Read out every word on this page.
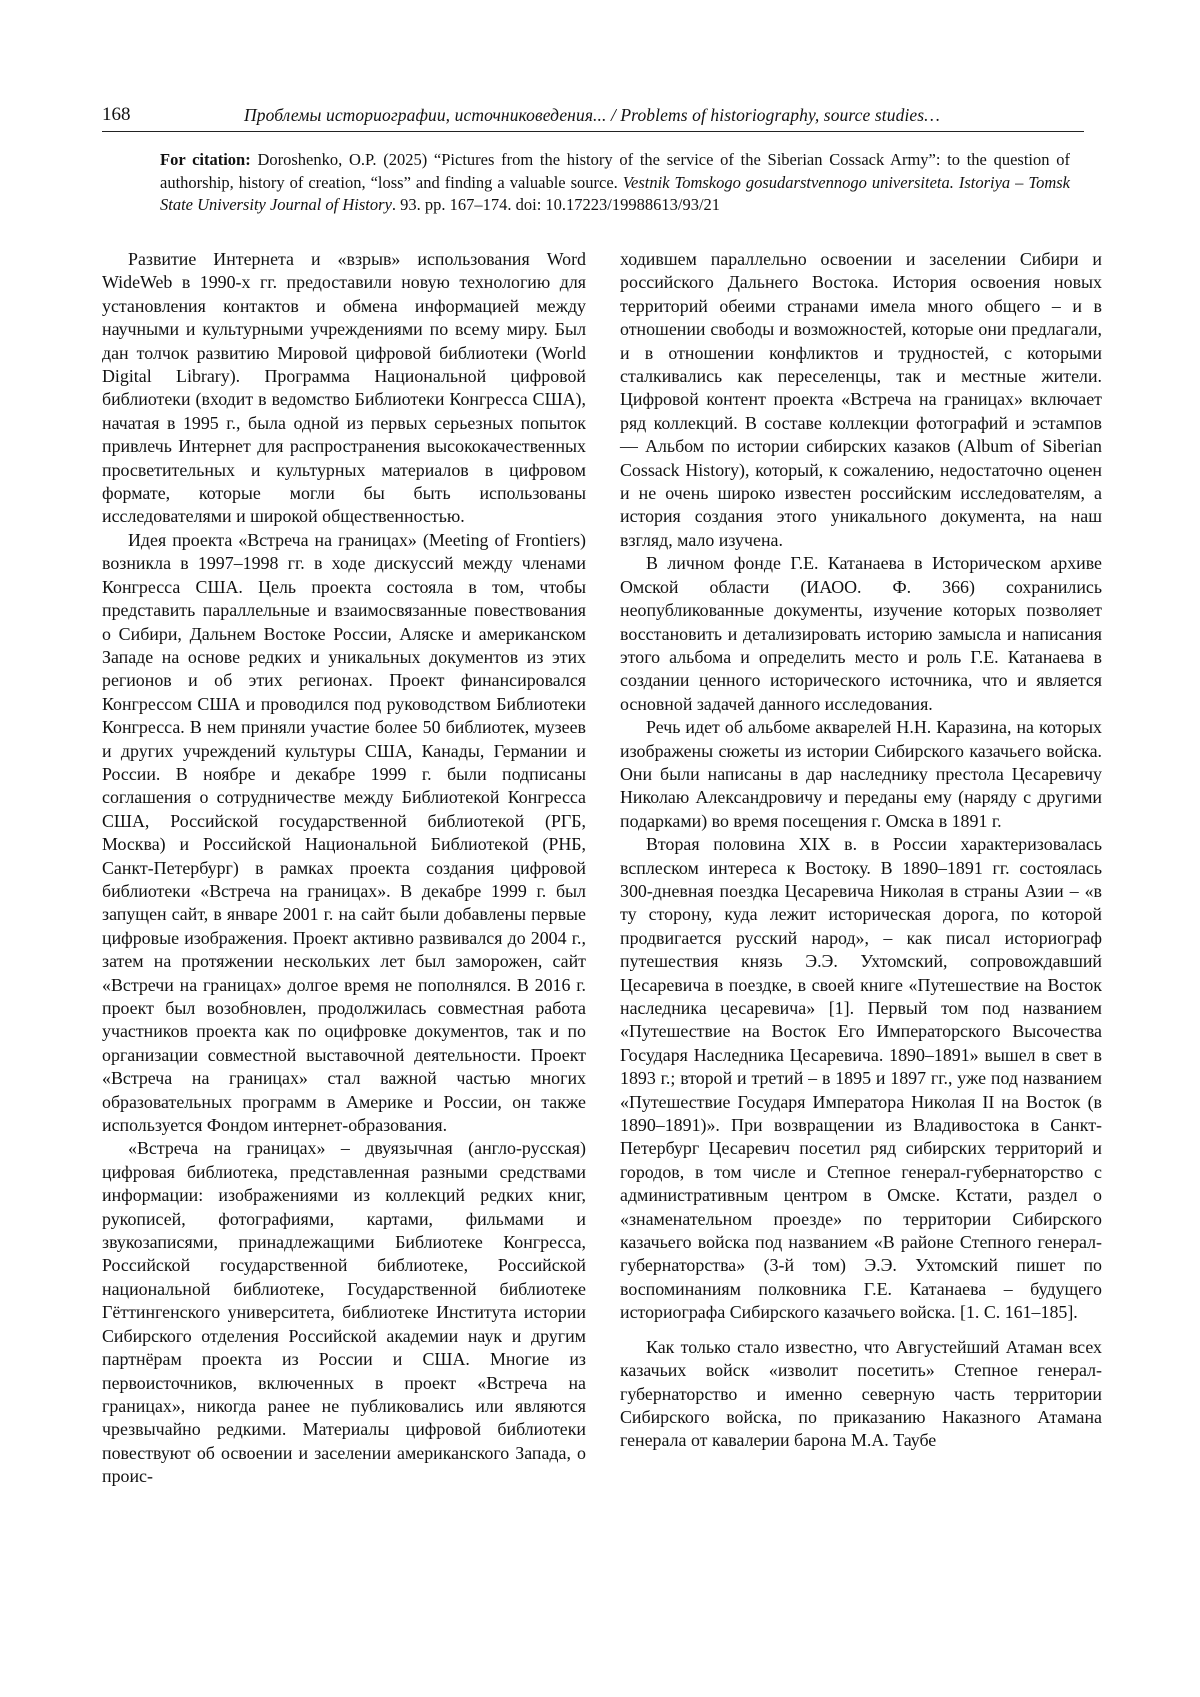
168	Проблемы историографии, источниковедения... / Problems of historiography, source studies…
For citation: Doroshenko, O.P. (2025) “Pictures from the history of the service of the Siberian Cossack Army”: to the question of authorship, history of creation, “loss” and finding a valuable source. Vestnik Tomskogo gosudarstvennogo universiteta. Istoriya – Tomsk State University Journal of History. 93. pp. 167–174. doi: 10.17223/19988613/93/21

Развитие Интернета и «взрыв» использования Word WideWeb в 1990-х гг. предоставили новую технологию для установления контактов и обмена информацией между научными и культурными учреждениями по всему миру. Был дан толчок развитию Мировой цифровой библиотеки (World Digital Library). Программа Национальной цифровой библиотеки (входит в ведомство Библиотеки Конгресса США), начатая в 1995 г., была одной из первых серьезных попыток привлечь Интернет для распространения высококачественных просветительных и культурных материалов в цифровом формате, которые могли бы быть использованы исследователями и широкой общественностью.

Идея проекта «Встреча на границах» (Meeting of Frontiers) возникла в 1997–1998 гг. в ходе дискуссий между членами Конгресса США. Цель проекта состояла в том, чтобы представить параллельные и взаимосвязанные повествования о Сибири, Дальнем Востоке России, Аляске и американском Западе на основе редких и уникальных документов из этих регионов и об этих регионах. Проект финансировался Конгрессом США и проводился под руководством Библиотеки Конгресса. В нем приняли участие более 50 библиотек, музеев и других учреждений культуры США, Канады, Германии и России. В ноябре и декабре 1999 г. были подписаны соглашения о сотрудничестве между Библиотекой Конгресса США, Российской государственной библиотекой (РГБ, Москва) и Российской Национальной Библиотекой (РНБ, Санкт-Петербург) в рамках проекта создания цифровой библиотеки «Встреча на границах». В декабре 1999 г. был запущен сайт, в январе 2001 г. на сайт были добавлены первые цифровые изображения. Проект активно развивался до 2004 г., затем на протяжении нескольких лет был заморожен, сайт «Встречи на границах» долгое время не пополнялся. В 2016 г. проект был возобновлен, продолжилась совместная работа участников проекта как по оцифровке документов, так и по организации совместной выставочной деятельности. Проект «Встреча на границах» стал важной частью многих образовательных программ в Америке и России, он также используется Фондом интернет-образования.

«Встреча на границах» – двуязычная (англо-русская) цифровая библиотека, представленная разными средствами информации: изображениями из коллекций редких книг, рукописей, фотографиями, картами, фильмами и звукозаписями, принадлежащими Библиотеке Конгресса, Российской государственной библиотеке, Российской национальной библиотеке, Государственной библиотеке Гёттингенского университета, библиотеке Института истории Сибирского отделения Российской академии наук и другим партнёрам проекта из России и США. Многие из первоисточников, включенных в проект «Встреча на границах», никогда ранее не публиковались или являются чрезвычайно редкими. Материалы цифровой библиотеки повествуют об освоении и заселении американского Запада, о проис-

ходившем параллельно освоении и заселении Сибири и российского Дальнего Востока. История освоения новых территорий обеими странами имела много общего – и в отношении свободы и возможностей, которые они предлагали, и в отношении конфликтов и трудностей, с которыми сталкивались как переселенцы, так и местные жители. Цифровой контент проекта «Встреча на границах» включает ряд коллекций. В составе коллекции фотографий и эстампов — Альбом по истории сибирских казаков (Album of Siberian Cossack History), который, к сожалению, недостаточно оценен и не очень широко известен российским исследователям, а история создания этого уникального документа, на наш взгляд, мало изучена.

В личном фонде Г.Е. Катанаева в Историческом архиве Омской области (ИАОО. Ф. 366) сохранились неопубликованные документы, изучение которых позволяет восстановить и детализировать историю замысла и написания этого альбома и определить место и роль Г.Е. Катанаева в создании ценного исторического источника, что и является основной задачей данного исследования.

Речь идет об альбоме акварелей Н.Н. Каразина, на которых изображены сюжеты из истории Сибирского казачьего войска. Они были написаны в дар наследнику престола Цесаревичу Николаю Александровичу и переданы ему (наряду с другими подарками) во время посещения г. Омска в 1891 г.

Вторая половина XIX в. в России характеризовалась всплеском интереса к Востоку. В 1890–1891 гг. состоялась 300-дневная поездка Цесаревича Николая в страны Азии – «в ту сторону, куда лежит историческая дорога, по которой продвигается русский народ», – как писал историограф путешествия князь Э.Э. Ухтомский, сопровождавший Цесаревича в поездке, в своей книге «Путешествие на Восток наследника цесаревича» [1]. Первый том под названием «Путешествие на Восток Его Императорского Высочества Государя Наследника Цесаревича. 1890–1891» вышел в свет в 1893 г.; второй и третий – в 1895 и 1897 гг., уже под названием «Путешествие Государя Императора Николая II на Восток (в 1890–1891)». При возвращении из Владивостока в Санкт-Петербург Цесаревич посетил ряд сибирских территорий и городов, в том числе и Степное генерал-губернаторство с административным центром в Омске. Кстати, раздел о «знаменательном проезде» по территории Сибирского казачьего войска под названием «В районе Степного генерал-губернаторства» (3-й том) Э.Э. Ухтомский пишет по воспоминаниям полковника Г.Е. Катанаева – будущего историографа Сибирского казачьего войска. [1. С. 161–185].

Как только стало известно, что Августейший Атаман всех казачьих войск «изволит посетить» Степное генерал-губернаторство и именно северную часть территории Сибирского войска, по приказанию Наказного Атамана генерала от кавалерии барона М.А. Таубе
